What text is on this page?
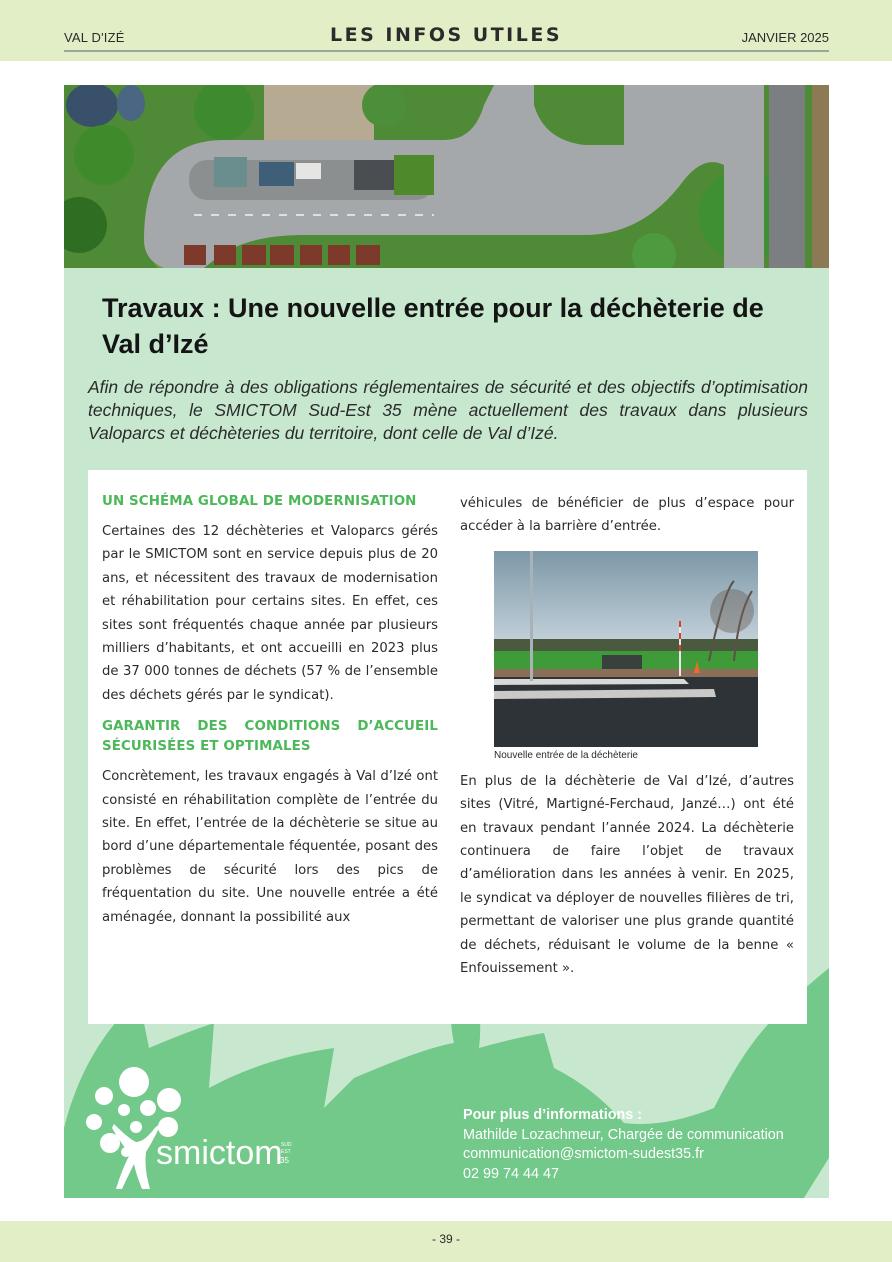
VAL D'IZÉ	LES INFOS UTILES	JANVIER 2025
Travaux : Une nouvelle entrée pour la déchèterie de Val d’Izé

Afin de répondre à des obligations réglementaires de sécurité et des objectifs d’optimisation techniques, le SMICTOM Sud-Est 35 mène actuellement des travaux dans plusieurs Valoparcs et déchèteries du territoire, dont celle de Val d’Izé.

UN SCHÉMA GLOBAL DE MODERNISATION

Certaines des 12 déchèteries et Valoparcs gérés par le SMICTOM sont en service depuis plus de 20 ans, et nécessitent des travaux de modernisation et réhabilitation pour certains sites. En effet, ces sites sont fréquentés chaque année par plusieurs milliers d’habitants, et ont accueilli en 2023 plus de 37 000 tonnes de déchets (57 % de l’ensemble des déchets gérés par le syndicat).

GARANTIR DES CONDITIONS D’ACCUEIL SÉCURISÉES ET OPTIMALES

Concrètement, les travaux engagés à Val d’Izé ont consisté en réhabilitation complète de l’entrée du site. En effet, l’entrée de la déchèterie se situe au bord d’une départementale féquentée, posant des problèmes de sécurité lors des pics de fréquentation du site. Une nouvelle entrée a été aménagée, donnant la possibilité aux

véhicules de bénéficier de plus d’espace pour accéder à la barrière d’entrée.

Nouvelle entrée de la déchèterie

En plus de la déchèterie de Val d’Izé, d’autres sites (Vitré, Martigné-Ferchaud, Janzé…) ont été en travaux pendant l’année 2024. La déchèterie continuera de faire l’objet de travaux d’amélioration dans les années à venir. En 2025, le syndicat va déployer de nouvelles filières de tri, permettant de valoriser une plus grande quantité de déchets, réduisant le volume de la benne « Enfouissement ».

smictom
SUD
EST
35
Pour plus d’informations :
Mathilde Lozachmeur, Chargée de communication
communication@smictom-sudest35.fr
02 99 74 44 47
- 39 -
